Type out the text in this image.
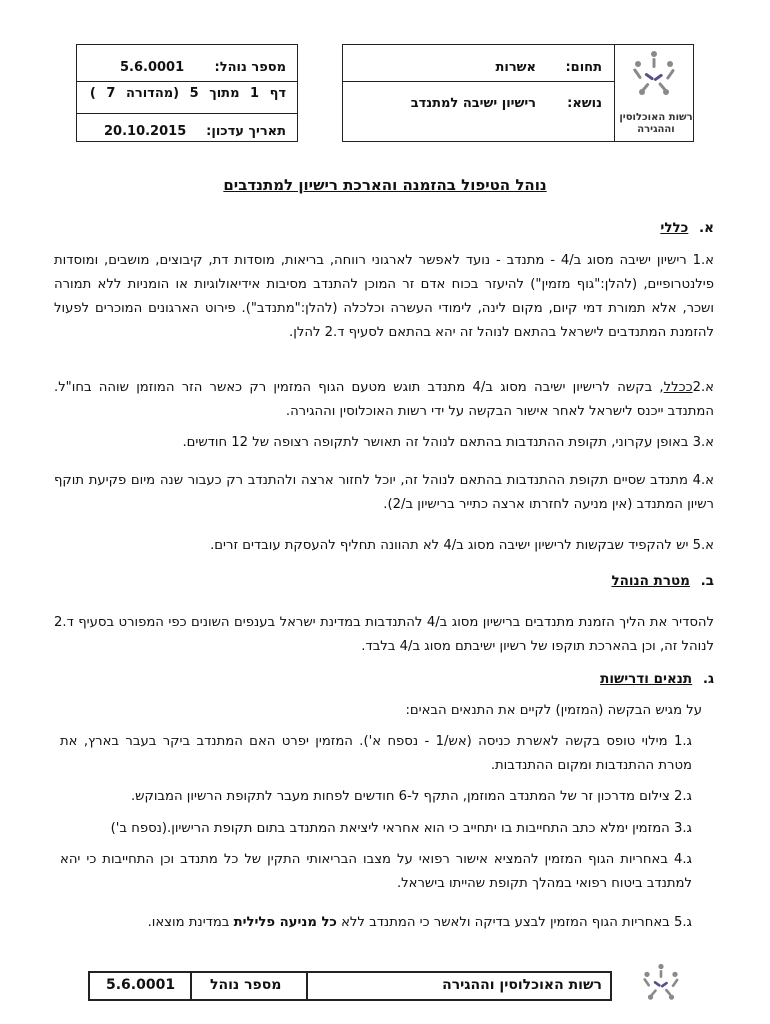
מספר נוהל:
5.6.0001
דף 1 מתוך 5 (מהדורה 7 )
תאריך עדכון:
20.10.2015
תחום:
אשרות
נושא:
רישיון ישיבה למתנדב
רשות האוכלוסין וההגירה
נוהל הטיפול בהזמנה והארכת רישיון למתנדבים
א. כללי
א.1 רישיון ישיבה מסוג ב/4 - מתנדב - נועד לאפשר לארגוני רווחה, בריאות, מוסדות דת, קיבוצים, מושבים, ומוסדות פילנטרופיים, (להלן:"גוף מזמין") להיעזר בכוח אדם זר המוכן להתנדב מסיבות אידיאולוגיות או הומניות ללא תמורה ושכר, אלא תמורת דמי קיום, מקום לינה, לימודי העשרה וכלכלה (להלן:"מתנדב"). פירוט הארגונים המוכרים לפעול להזמנת המתנדבים לישראל בהתאם לנוהל זה יהא בהתאם לסעיף ד.2 להלן.
א.2ככלל, בקשה לרישיון ישיבה מסוג ב/4 מתנדב תוגש מטעם הגוף המזמין רק כאשר הזר המוזמן שוהה בחו"ל. המתנדב ייכנס לישראל לאחר אישור הבקשה על ידי רשות האוכלוסין וההגירה.
א.3 באופן עקרוני, תקופת ההתנדבות בהתאם לנוהל זה תאושר לתקופה רצופה של 12 חודשים.
א.4 מתנדב שסיים תקופת ההתנדבות בהתאם לנוהל זה, יוכל לחזור ארצה ולהתנדב רק כעבור שנה מיום פקיעת תוקף רשיון המתנדב (אין מניעה לחזרתו ארצה כתייר ברישיון ב/2).
א.5 יש להקפיד שבקשות לרישיון ישיבה מסוג ב/4 לא תהוונה תחליף להעסקת עובדים זרים.
ב. מטרת הנוהל
להסדיר את הליך הזמנת מתנדבים ברישיון מסוג ב/4 להתנדבות במדינת ישראל בענפים השונים כפי המפורט בסעיף ד.2 לנוהל זה, וכן בהארכת תוקפו של רשיון ישיבתם מסוג ב/4 בלבד.
ג. תנאים ודרישות
על מגיש הבקשה (המזמין) לקיים את התנאים הבאים:
ג.1 מילוי טופס בקשה לאשרת כניסה (אש/1 - נספח א'). המזמין יפרט האם המתנדב ביקר בעבר בארץ, את מטרת ההתנדבות ומקום ההתנדבות.
ג.2 צילום מדרכון זר של המתנדב המוזמן, התקף ל-6 חודשים לפחות מעבר לתקופת הרשיון המבוקש.
ג.3 המזמין ימלא כתב התחייבות בו יתחייב כי הוא אחראי ליציאת המתנדב בתום תקופת הרישיון.(נספח ב')
ג.4 באחריות הגוף המזמין להמציא אישור רפואי על מצבו הבריאותי התקין של כל מתנדב וכן התחייבות כי יהא למתנדב ביטוח רפואי במהלך תקופת שהייתו בישראל.
ג.5 באחריות הגוף המזמין לבצע בדיקה ולאשר כי המתנדב ללא כל מניעה פלילית במדינת מוצאו.
רשות האוכלוסין וההגירה
מספר נוהל
5.6.0001
